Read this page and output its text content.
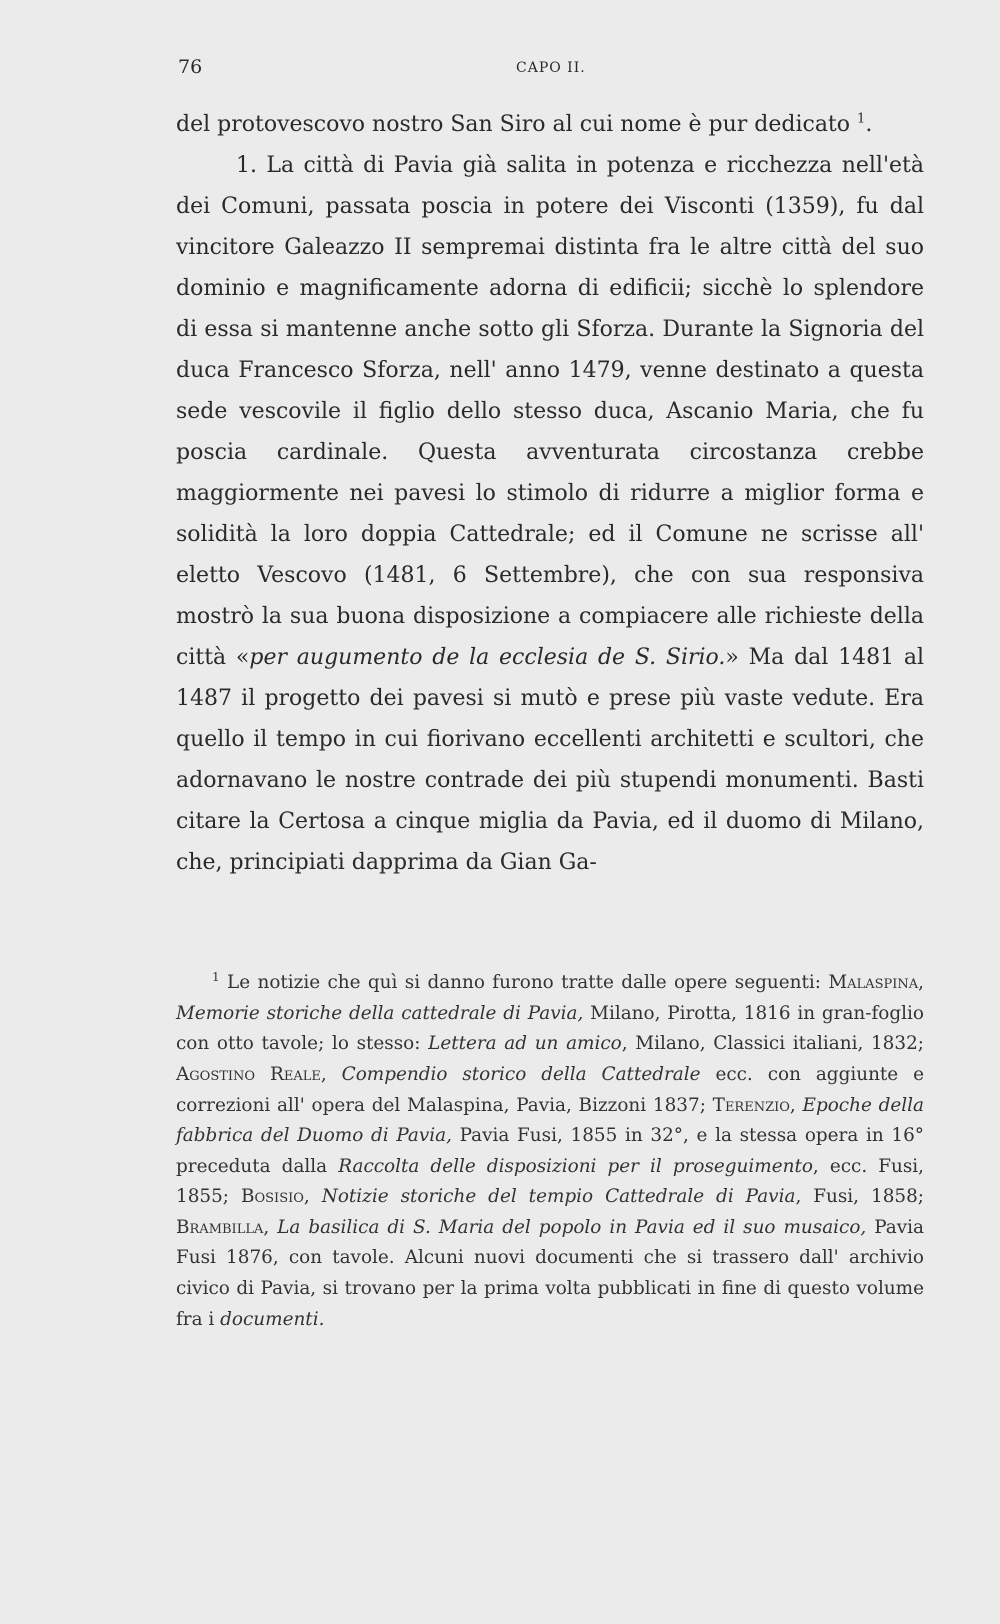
76	CAPO II.

del protovescovo nostro San Siro al cui nome è pur dedicato $^1$.

1. La città di Pavia già salita in potenza e ricchezza nell'età dei Comuni, passata poscia in potere dei Visconti (1359), fu dal vincitore Galeazzo II sempremai distinta fra le altre città del suo dominio e magnificamente adorna di edificii; sicchè lo splendore di essa si mantenne anche sotto gli Sforza. Durante la Signoria del duca Francesco Sforza, nell' anno 1479, venne destinato a questa sede vescovile il figlio dello stesso duca, Ascanio Maria, che fu poscia cardinale. Questa avventurata circostanza crebbe maggiormente nei pavesi lo stimolo di ridurre a miglior forma e solidità la loro doppia Cattedrale; ed il Comune ne scrisse all' eletto Vescovo (1481, 6 Settembre), che con sua responsiva mostrò la sua buona disposizione a compiacere alle richieste della città «per augumento de la ecclesia de S. Sirio.» Ma dal 1481 al 1487 il progetto dei pavesi si mutò e prese più vaste vedute. Era quello il tempo in cui fiorivano eccellenti architetti e scultori, che adornavano le nostre contrade dei più stupendi monumenti. Basti citare la Certosa a cinque miglia da Pavia, ed il duomo di Milano, che, principiati dapprima da Gian Ga-

$^1$ Le notizie che quì si danno furono tratte dalle opere seguenti: Malaspina, Memorie storiche della cattedrale di Pavia, Milano, Pirotta, 1816 in gran-foglio con otto tavole; lo stesso: Lettera ad un amico, Milano, Classici italiani, 1832; Agostino Reale, Compendio storico della Cattedrale ecc. con aggiunte e correzioni all' opera del Malaspina, Pavia, Bizzoni 1837; Terenzio, Epoche della fabbrica del Duomo di Pavia, Pavia Fusi, 1855 in 32°, e la stessa opera in 16° preceduta dalla Raccolta delle disposizioni per il proseguimento, ecc. Fusi, 1855; Bosisio, Notizie storiche del tempio Cattedrale di Pavia, Fusi, 1858; Brambilla, La basilica di S. Maria del popolo in Pavia ed il suo musaico, Pavia Fusi 1876, con tavole. Alcuni nuovi documenti che si trassero dall' archivio civico di Pavia, si trovano per la prima volta pubblicati in fine di questo volume fra i documenti.
